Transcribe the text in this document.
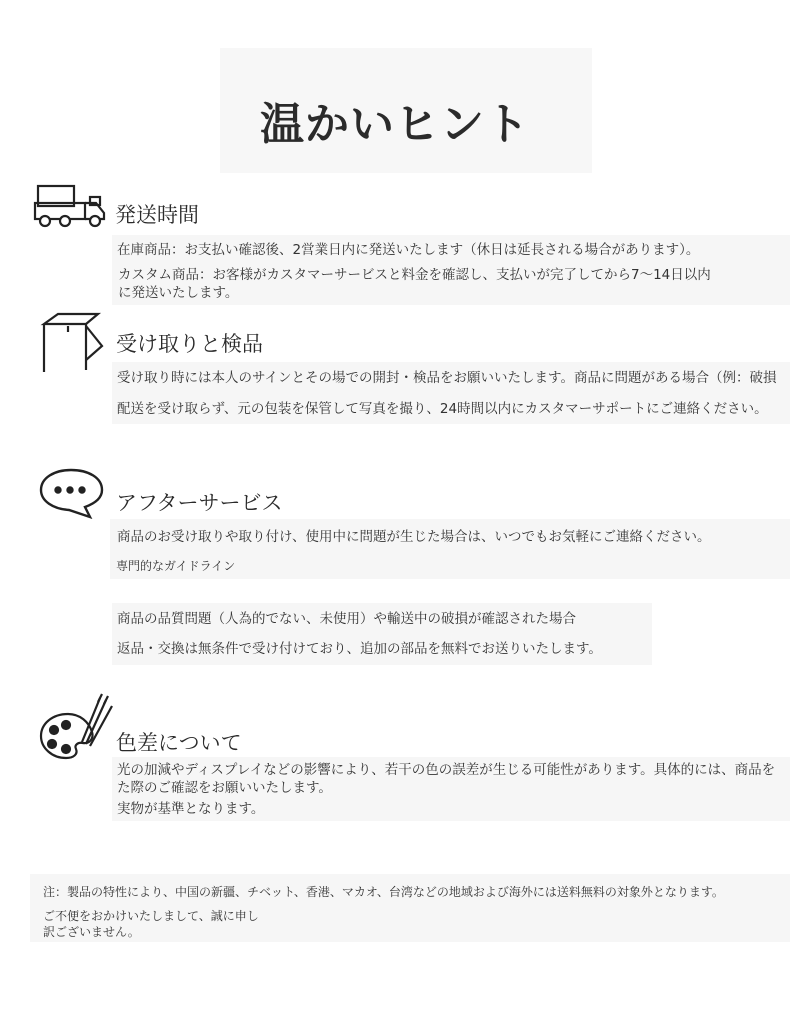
温かいヒント
発送時間
在庫商品：お支払い確認後、2営業日内に発送いたします（休日は延長される場合があります）。
カスタム商品：お客様がカスタマーサービスと料金を確認し、支払いが完了してから7～14日以内
に発送いたします。
受け取りと検品
受け取り時には本人のサインとその場での開封・検品をお願いいたします。商品に問題がある場合（例：破損
配送を受け取らず、元の包装を保管して写真を撮り、24時間以内にカスタマーサポートにご連絡ください。
アフターサービス
商品のお受け取りや取り付け、使用中に問題が生じた場合は、いつでもお気軽にご連絡ください。
専門的なガイドライン
商品の品質問題（人為的でない、未使用）や輸送中の破損が確認された場合
返品・交換は無条件で受け付けており、追加の部品を無料でお送りいたします。
色差について
光の加減やディスプレイなどの影響により、若干の色の誤差が生じる可能性があります。具体的には、商品を
た際のご確認をお願いいたします。
実物が基準となります。
注：製品の特性により、中国の新疆、チベット、香港、マカオ、台湾などの地域および海外には送料無料の対象外となります。
ご不便をおかけいたしまして、誠に申し
訳ございません。
